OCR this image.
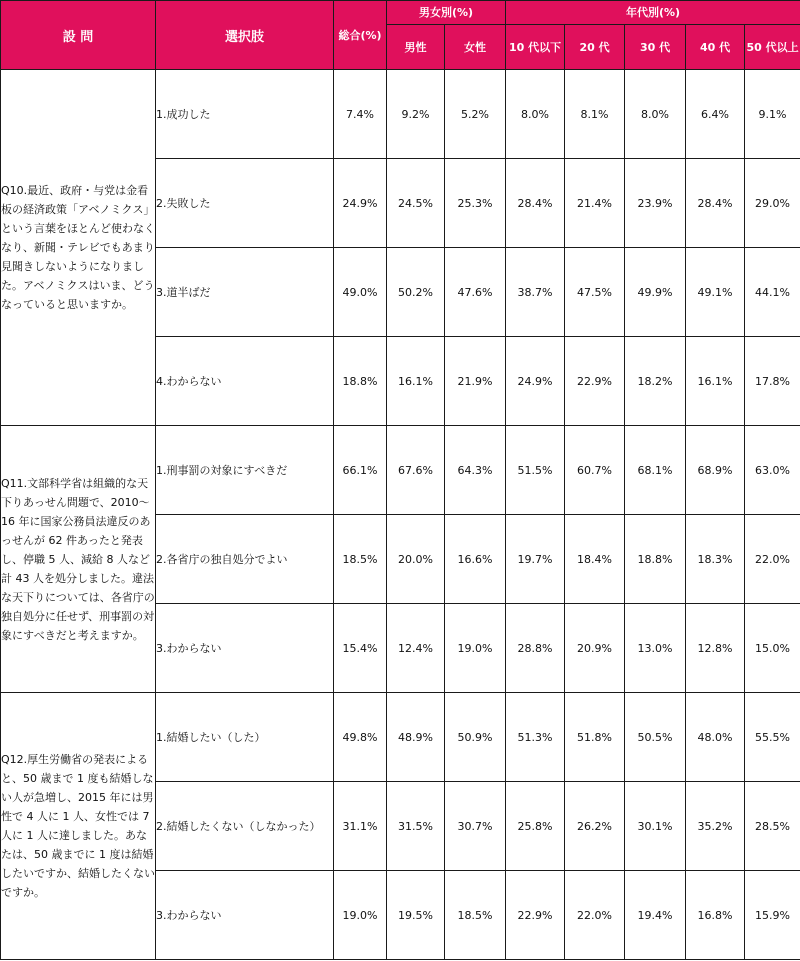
設 問	選択肢	総合(%)	男女別(%)		年代別(%)				
			男性	女性	10 代以下	20 代	30 代	40 代	50 代以上
Q10.最近、政府・与党は金看板の経済政策「アベノミクス」という言葉をほとんど使わなくなり、新聞・テレビでもあまり見聞きしないようになりました。アベノミクスはいま、どうなっていると思いますか。	1.成功した	7.4%	9.2%	5.2%	8.0%	8.1%	8.0%	6.4%	9.1%
	2.失敗した	24.9%	24.5%	25.3%	28.4%	21.4%	23.9%	28.4%	29.0%
	3.道半ばだ	49.0%	50.2%	47.6%	38.7%	47.5%	49.9%	49.1%	44.1%
	4.わからない	18.8%	16.1%	21.9%	24.9%	22.9%	18.2%	16.1%	17.8%
Q11.文部科学省は組織的な天下りあっせん問題で、2010〜16 年に国家公務員法違反のあっせんが 62 件あったと発表し、停職 5 人、減給 8 人など計 43 人を処分しました。違法な天下りについては、各省庁の独自処分に任せず、刑事罰の対象にすべきだと考えますか。	1.刑事罰の対象にすべきだ	66.1%	67.6%	64.3%	51.5%	60.7%	68.1%	68.9%	63.0%
	2.各省庁の独自処分でよい	18.5%	20.0%	16.6%	19.7%	18.4%	18.8%	18.3%	22.0%
	3.わからない	15.4%	12.4%	19.0%	28.8%	20.9%	13.0%	12.8%	15.0%
Q12.厚生労働省の発表によると、50 歳まで 1 度も結婚しない人が急増し、2015 年には男性で 4 人に 1 人、女性では 7 人に 1 人に達しました。あなたは、50 歳までに 1 度は結婚したいですか、結婚したくないですか。	1.結婚したい（した）	49.8%	48.9%	50.9%	51.3%	51.8%	50.5%	48.0%	55.5%
	2.結婚したくない（しなかった）	31.1%	31.5%	30.7%	25.8%	26.2%	30.1%	35.2%	28.5%
	3.わからない	19.0%	19.5%	18.5%	22.9%	22.0%	19.4%	16.8%	15.9%
